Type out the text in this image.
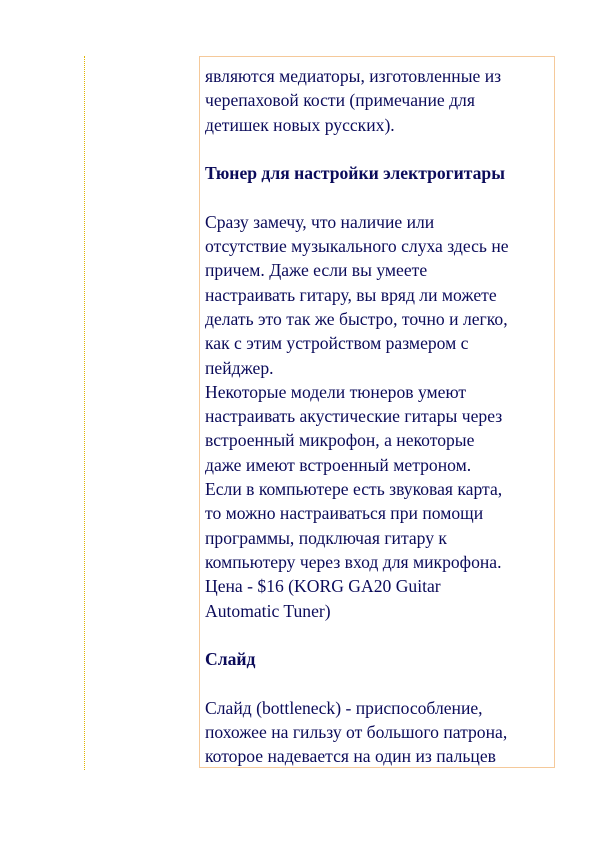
являются медиаторы, изготовленные из
черепаховой кости (примечание для
детишек новых русских).

Тюнер для настройки электрогитары

Сразу замечу, что наличие или
отсутствие музыкального слуха здесь не
причем. Даже если вы умеете
настраивать гитару, вы вряд ли можете
делать это так же быстро, точно и легко,
как с этим устройством размером с
пейджер.
Некоторые модели тюнеров умеют
настраивать акустические гитары через
встроенный микрофон, а некоторые
даже имеют встроенный метроном.
Если в компьютере есть звуковая карта,
то можно настраиваться при помощи
программы, подключая гитару к
компьютеру через вход для микрофона.
Цена - $16 (KORG GA20 Guitar
Automatic Tuner)

Слайд

Слайд (bottleneck) - приспособление,
похожее на гильзу от большого патрона,
которое надевается на один из пальцев
